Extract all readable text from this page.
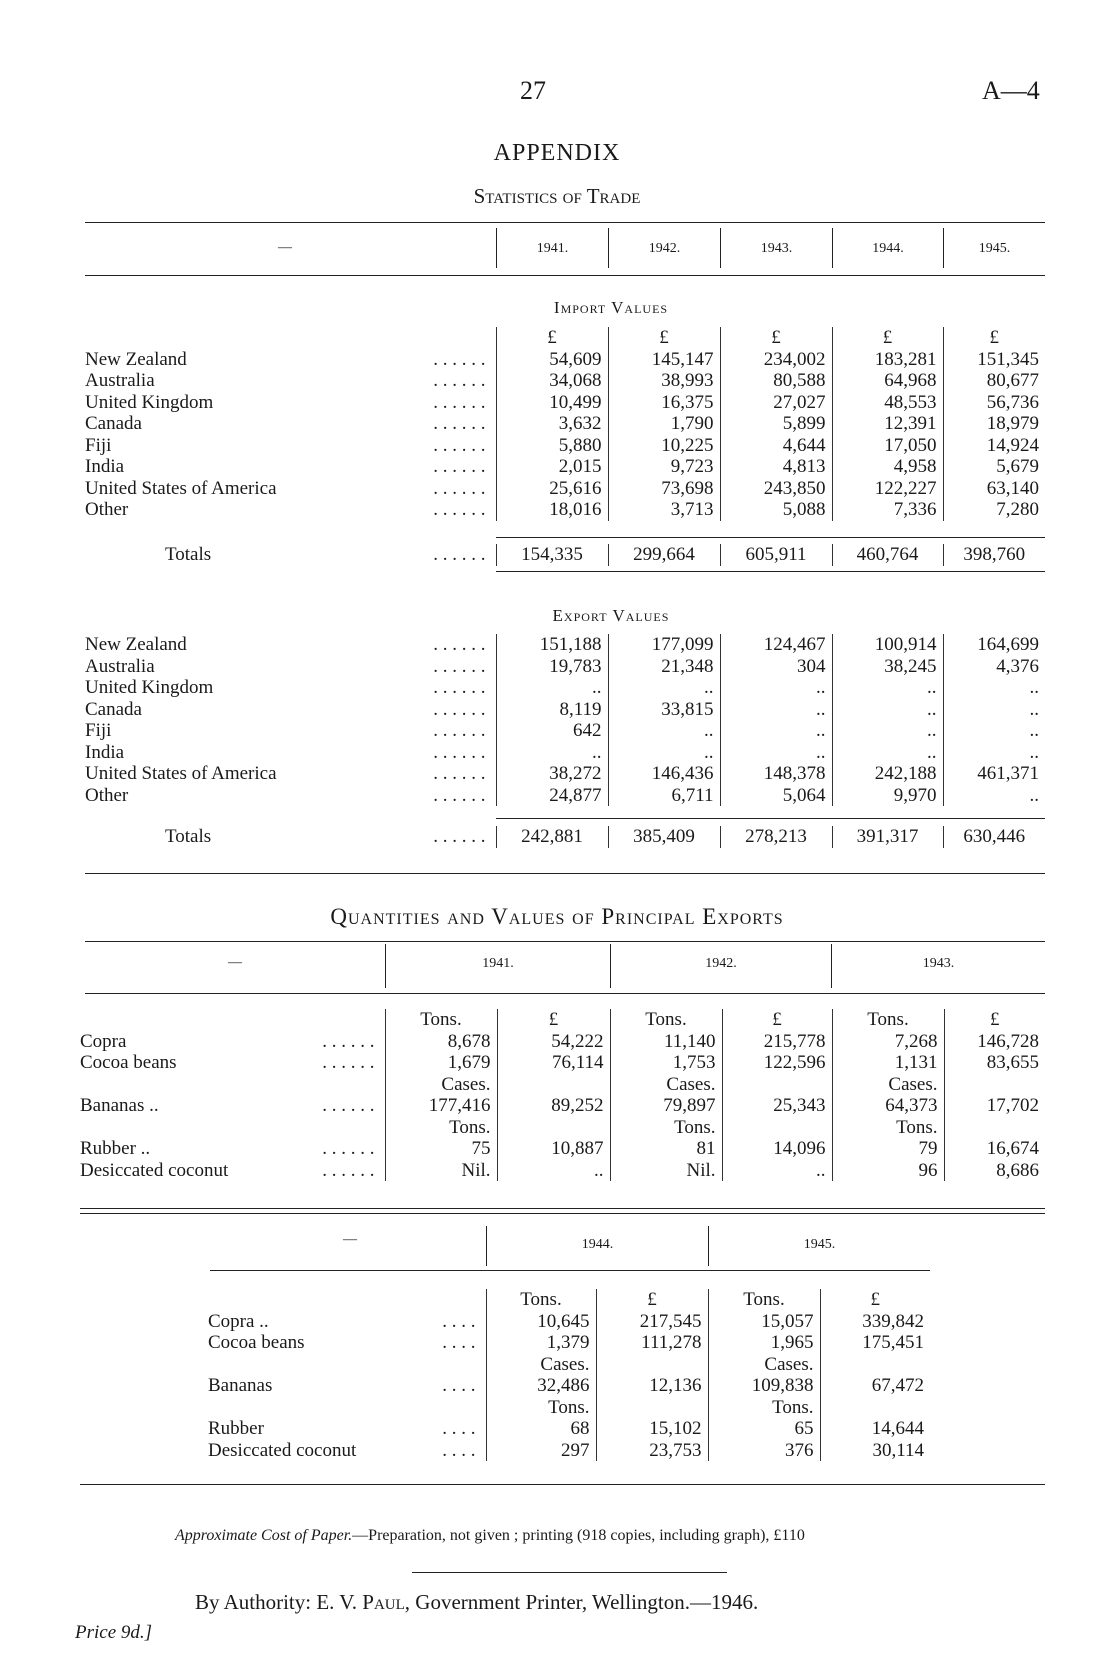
27	A—4
APPENDIX
Statistics of Trade
—	1941.	1942.	1943.	1944.	1945.
Import Values
	£	£	£	£	£
New Zealand . . . . . .	54,609	145,147	234,002	183,281	151,345
Australia . . . . . .	34,068	38,993	80,588	64,968	80,677
United Kingdom . . . . . .	10,499	16,375	27,027	48,553	56,736
Canada . . . . . .	3,632	1,790	5,899	12,391	18,979
Fiji . . . . . .	5,880	10,225	4,644	17,050	14,924
India . . . . . .	2,015	9,723	4,813	4,958	5,679
United States of America . . . . . .	25,616	73,698	243,850	122,227	63,140
Other . . . . . .	18,016	3,713	5,088	7,336	7,280
Totals	. . . . . .	154,335	299,664	605,911	460,764	398,760
Export Values
New Zealand . . . . . .	151,188	177,099	124,467	100,914	164,699
Australia . . . . . .	19,783	21,348	304	38,245	4,376
United Kingdom . . . . . .	..	..	..	..	..
Canada . . . . . .	8,119	33,815	..	..	..
Fiji . . . . . .	642	..	..	..	..
India . . . . . .	..	..	..	..	..
United States of America . . . . . .	38,272	146,436	148,378	242,188	461,371
Other . . . . . .	24,877	6,711	5,064	9,970	..
Totals	. . . . . .	242,881	385,409	278,213	391,317	630,446
Quantities and Values of Principal Exports
—	1941.	1942.	1943.
	Tons.	£	Tons.	£	Tons.	£
Copra . . . . . .	8,678	54,222	11,140	215,778	7,268	146,728
Cocoa beans . . . . . .	1,679	76,114	1,753	122,596	1,131	83,655
	Cases.		Cases.		Cases.	
Bananas .. . . . . . .	177,416	89,252	79,897	25,343	64,373	17,702
	Tons.		Tons.		Tons.	
Rubber .. . . . . . .	75	10,887	81	14,096	79	16,674
Desiccated coconut . . . . . .	Nil.	..	Nil.	..	96	8,686
—	1944.	1945.
	Tons.	£	Tons.	£
Copra .. . . . .	10,645	217,545	15,057	339,842
Cocoa beans . . . .	1,379	111,278	1,965	175,451
	Cases.		Cases.	
Bananas . . . .	32,486	12,136	109,838	67,472
	Tons.		Tons.	
Rubber . . . .	68	15,102	65	14,644
Desiccated coconut . . . .	297	23,753	376	30,114
Approximate Cost of Paper.—Preparation, not given ; printing (918 copies, including graph), £110
By Authority: E. V. Paul, Government Printer, Wellington.—1946.
Price 9d.]
